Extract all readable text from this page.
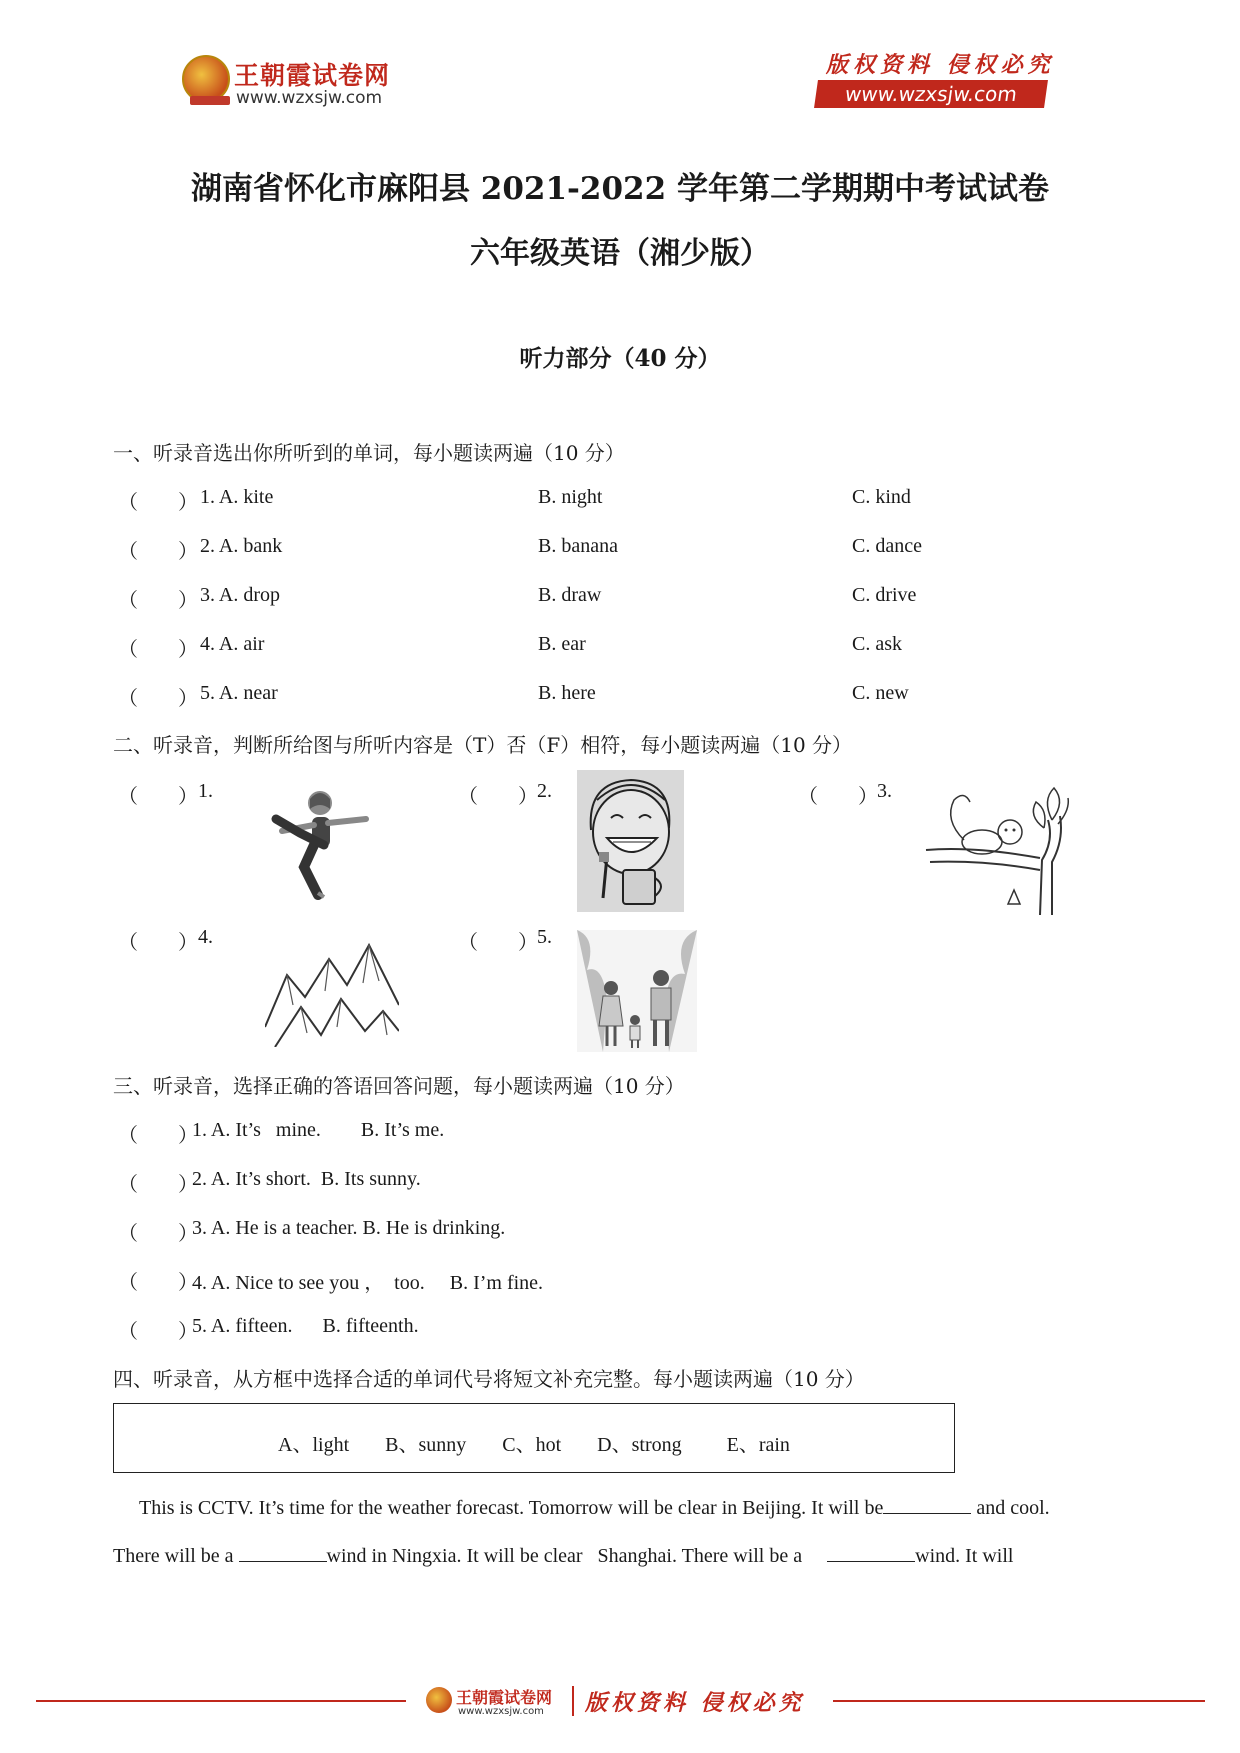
王朝霞试卷网
www.wzxsjw.com
版权资料 侵权必究
www.wzxsjw.com
湖南省怀化市麻阳县 2021-2022 学年第二学期期中考试试卷
六年级英语（湘少版）
听力部分（40 分）
一、听录音选出你所听到的单词，每小题读两遍（10 分）
（　　） 1. A. kite	B. night	C. kind
（　　） 2. A. bank	B. banana	C. dance
（　　） 3. A. drop	B. draw	C. drive
（　　） 4. A. air	B. ear	C. ask
（　　） 5. A. near	B. here	C. new
二、听录音，判断所给图与所听内容是（T）否（F）相符，每小题读两遍（10 分）
（　　） 1.	（　　） 2.	（　　） 3.
（　　） 4.	（　　） 5.
三、听录音，选择正确的答语回答问题，每小题读两遍（10 分）
（　　）
1. A. It’s   mine.        B. It’s me.
（　　）
2. A. It’s short.  B. Its sunny.
（　　）
3. A. He is a teacher. B. He is drinking.
（　　）
4. A. Nice to see you ，  too.     B. I’m fine.
（　　）
5. A. fifteen.      B. fifteenth.
四、听录音，从方框中选择合适的单词代号将短文补充完整。每小题读两遍（10 分）
A、light    B、sunny    C、hot    D、strong     E、rain
This is CCTV. It’s time for the weather forecast. Tomorrow will be clear in Beijing. It will be	and cool.
There will be a	wind in Ningxia. It will be clear   Shanghai. There will be a	wind. It will
王朝霞试卷网
www.wzxsjw.com 版权资料 侵权必究
